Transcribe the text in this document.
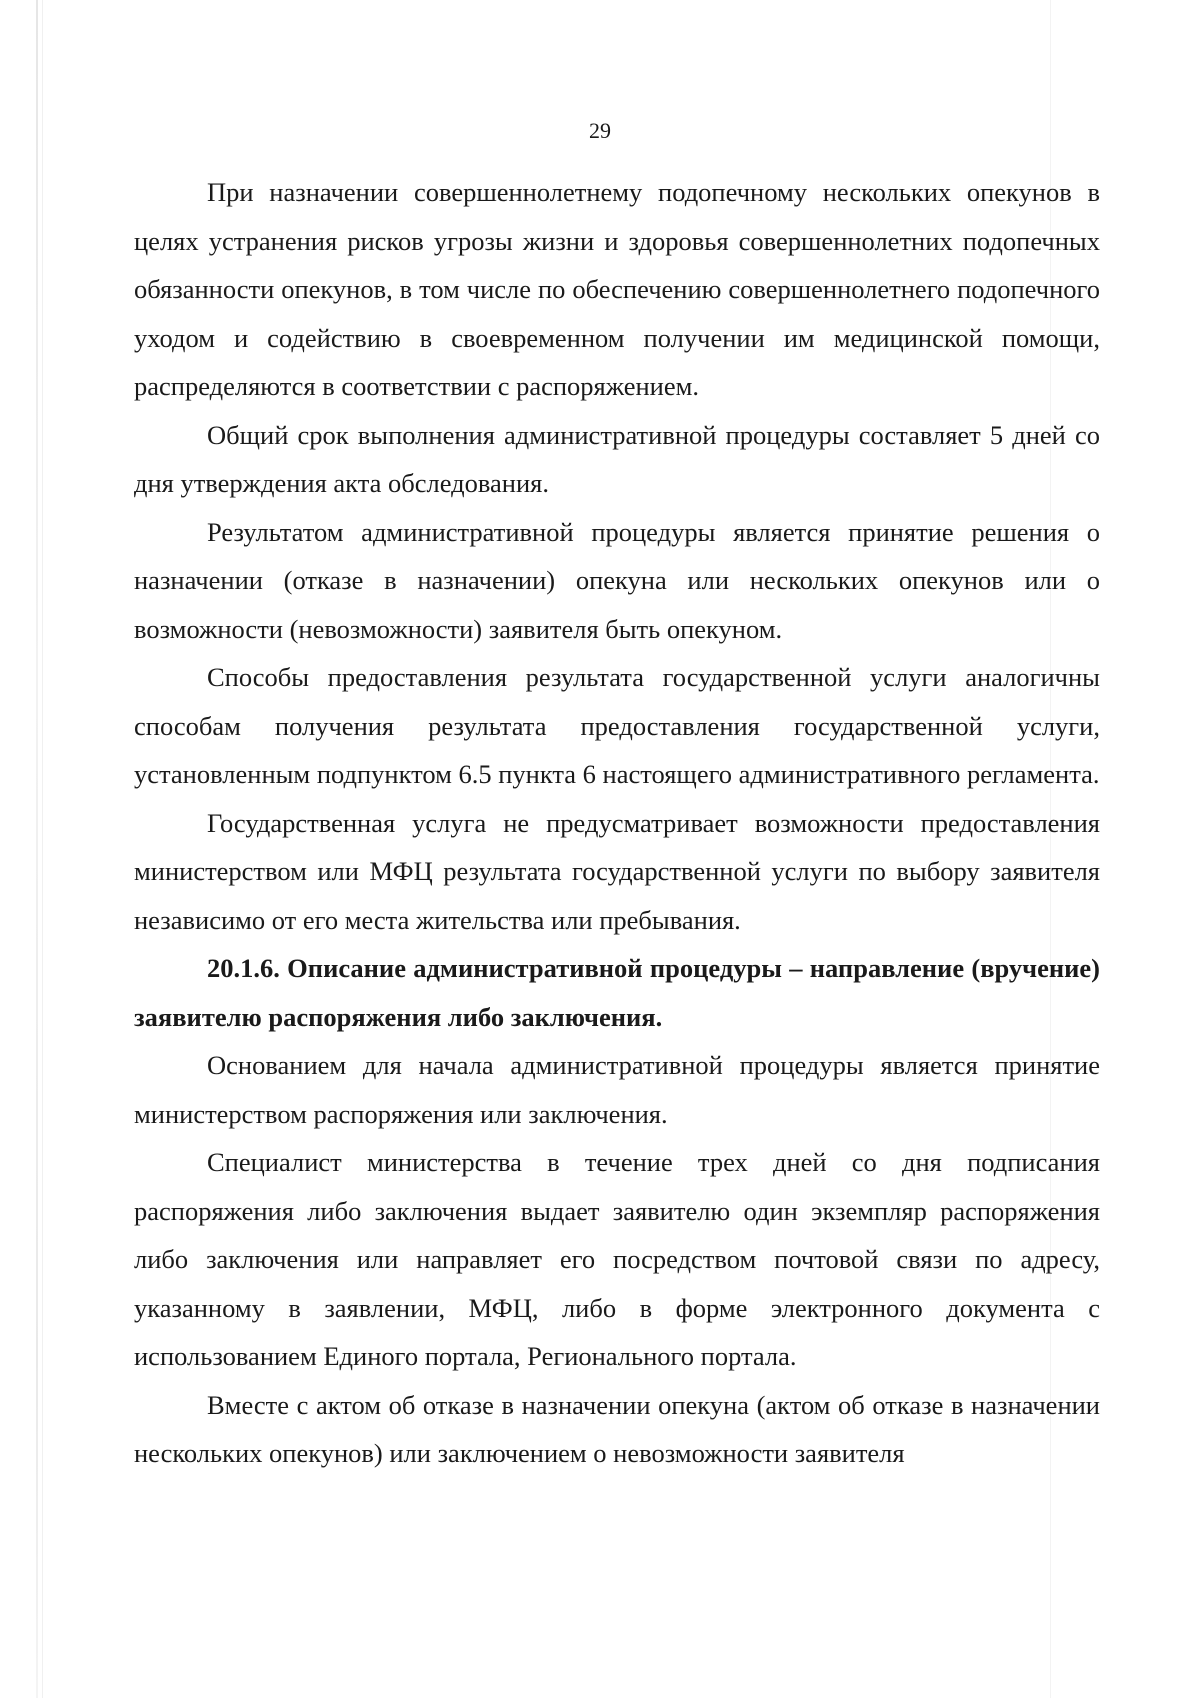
29

При назначении совершеннолетнему подопечному нескольких опекунов в целях устранения рисков угрозы жизни и здоровья совершеннолетних подопечных обязанности опекунов, в том числе по обеспечению совершеннолетнего подопечного уходом и содействию в своевременном получении им медицинской помощи, распределяются в соответствии с распоряжением.

Общий срок выполнения административной процедуры составляет 5 дней со дня утверждения акта обследования.

Результатом административной процедуры является принятие решения о назначении (отказе в назначении) опекуна или нескольких опекунов или о возможности (невозможности) заявителя быть опекуном.

Способы предоставления результата государственной услуги аналогичны способам получения результата предоставления государственной услуги, установленным подпунктом 6.5 пункта 6 настоящего административного регламента.

Государственная услуга не предусматривает возможности предоставления министерством или МФЦ результата государственной услуги по выбору заявителя независимо от его места жительства или пребывания.

20.1.6. Описание административной процедуры – направление (вручение) заявителю распоряжения либо заключения.

Основанием для начала административной процедуры является принятие министерством распоряжения или заключения.

Специалист министерства в течение трех дней со дня подписания распоряжения либо заключения выдает заявителю один экземпляр распоряжения либо заключения или направляет его посредством почтовой связи по адресу, указанному в заявлении, МФЦ, либо в форме электронного документа с использованием Единого портала, Регионального портала.

Вместе с актом об отказе в назначении опекуна (актом об отказе в назначении нескольких опекунов) или заключением о невозможности заявителя
